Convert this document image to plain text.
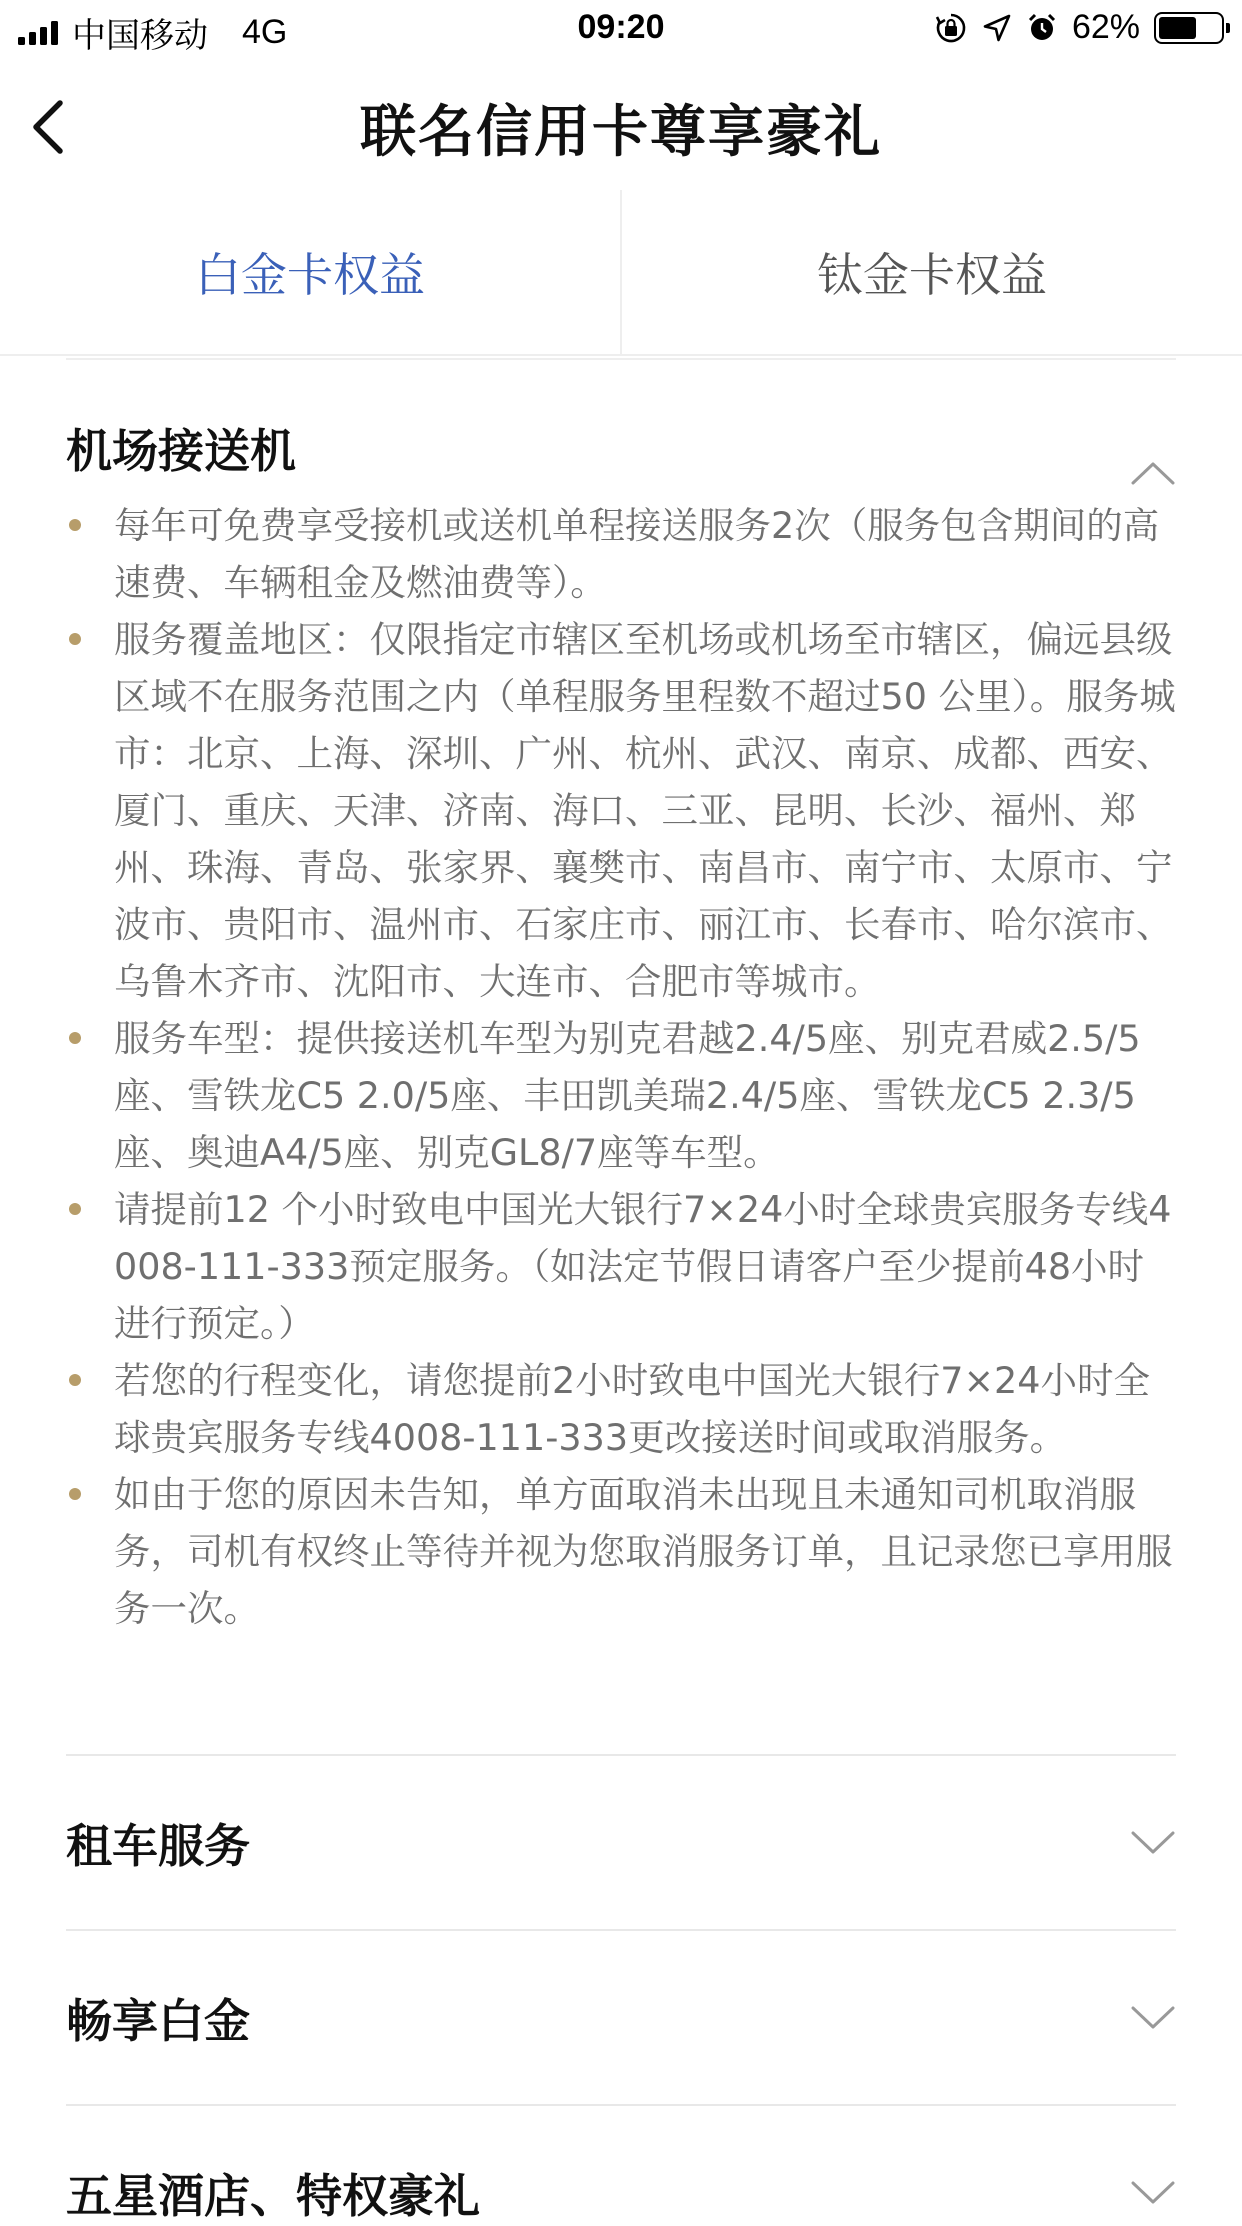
中国移动 4G	09:20	62%
联名信用卡尊享豪礼
白金卡权益	钛金卡权益
机场接送机
每年可免费享受接机或送机单程接送服务2次（服务包含期间的高速费、车辆租金及燃油费等）。
服务覆盖地区：仅限指定市辖区至机场或机场至市辖区，偏远县级区域不在服务范围之内（单程服务里程数不超过50 公里）。服务城市：北京、上海、深圳、广州、杭州、武汉、南京、成都、西安、厦门、重庆、天津、济南、海口、三亚、昆明、长沙、福州、郑州、珠海、青岛、张家界、襄樊市、南昌市、南宁市、太原市、宁波市、贵阳市、温州市、石家庄市、丽江市、长春市、哈尔滨市、乌鲁木齐市、沈阳市、大连市、合肥市等城市。
服务车型：提供接送机车型为别克君越2.4/5座、别克君威2.5/5座、雪铁龙C5 2.0/5座、丰田凯美瑞2.4/5座、雪铁龙C5 2.3/5座、奥迪A4/5座、别克GL8/7座等车型。
请提前12 个小时致电中国光大银行7×24小时全球贵宾服务专线4008-111-333预定服务。（如法定节假日请客户至少提前48小时进行预定。）
若您的行程变化，请您提前2小时致电中国光大银行7×24小时全球贵宾服务专线4008-111-333更改接送时间或取消服务。
如由于您的原因未告知，单方面取消未出现且未通知司机取消服务，司机有权终止等待并视为您取消服务订单，且记录您已享用服务一次。
租车服务
畅享白金
五星酒店、特权豪礼
